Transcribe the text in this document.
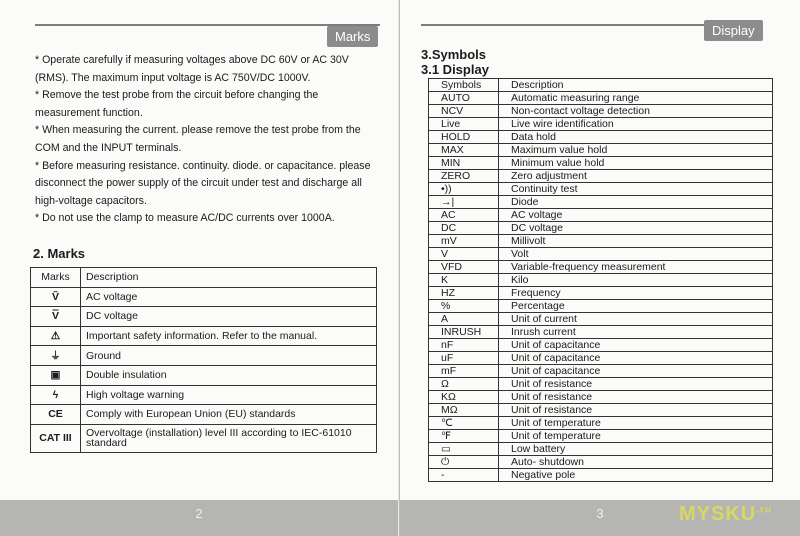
Marks

* Operate carefully if measuring voltages above DC 60V or AC 30V (RMS). The maximum input voltage is AC 750V/DC 1000V.

* Remove the test probe from the circuit before changing the measurement function.

* When measuring the current. please remove the test probe from the COM and the INPUT terminals.

* Before measuring resistance. continuity. diode. or capacitance. please disconnect the power supply of the circuit under test and discharge all high-voltage capacitors.

* Do not use the clamp to measure AC/DC currents over 1000A.

2. Marks
Marks	Description
Ṽ	AC voltage
V̿	DC voltage
⚠	Important safety information. Refer to the manual.
⏚	Ground
▣	Double insulation
ϟ	High voltage warning
CE	Comply with European Union (EU) standards
CAT III	Overvoltage (installation) level III according to IEC-61010 standard
2
Display
3.Symbols
3.1 Display
Symbols	Description
AUTO	Automatic measuring range
NCV	Non-contact voltage detection
Live	Live wire identification
HOLD	Data hold
MAX	Maximum value hold
MIN	Minimum value hold
ZERO	Zero adjustment
•))	Continuity test
→|	Diode
AC	AC voltage
DC	DC voltage
mV	Millivolt
V	Volt
VFD	Variable-frequency measurement
K	Kilo
HZ	Frequency
%	Percentage
A	Unit of current
INRUSH	Inrush current
nF	Unit of capacitance
uF	Unit of capacitance
mF	Unit of capacitance
Ω	Unit of resistance
KΩ	Unit of resistance
MΩ	Unit of resistance
℃	Unit of temperature
℉	Unit of temperature
▭	Low battery
⏻	Auto- shutdown
-	Negative pole
3	$MYSKU^{.ru}$
